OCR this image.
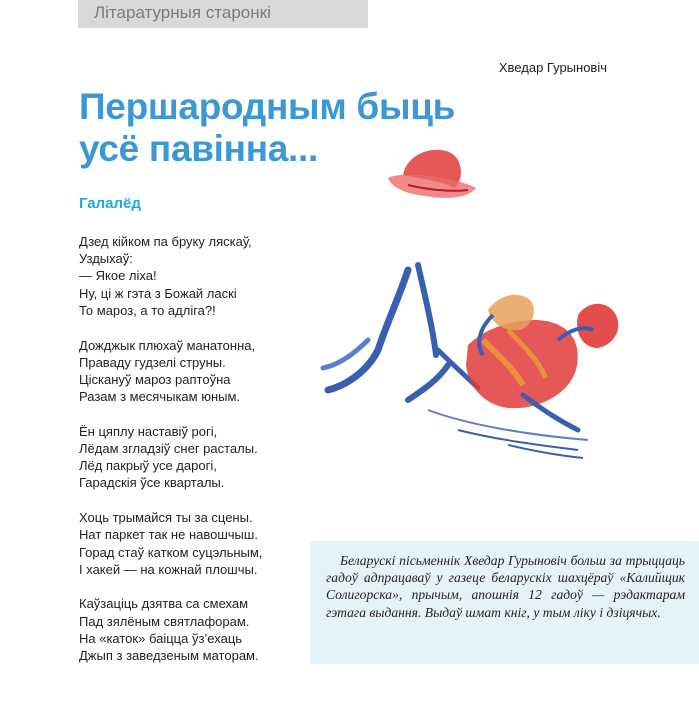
Літаратурныя старонкі
Хведар Гурыновіч
Першародным быць
усё павінна...
Галалёд
Дзед кійком па бруку ляскаў,
Уздыхаў:
— Якое ліха!
Ну, ці ж гэта з Божай ласкі
То мароз, а то адліга?!
Дожджык плюхаў манатонна,
Праваду гудзелі струны.
Ціскануў мароз раптоўна
Разам з месячыкам юным.
Ён цяплу наставіў рогі,
Лёдам згладзіў снег расталы.
Лёд пакрыў усе дарогі,
Гарадскія ўсе кварталы.
Хоць трымайся ты за сцены.
Нат паркет так не навошчыш.
Горад стаў катком суцэльным,
І хакей — на кожнай плошчы.
Каўзаціць дзятва са смехам
Пад зялёным святлафорам.
На «каток» баіцца ўз’ехаць
Джып з заведзеным маторам.

Беларускі пісьменнік Хведар Гурыновіч больш за трыццаць гадоў адпрацаваў у газеце беларускіх шахцёраў «Калийщик Солигорска», прычым, апошнія 12 гадоў — рэдактарам гэтага выдання. Выдаў шмат кніг, у тым ліку і дзіцячых.
